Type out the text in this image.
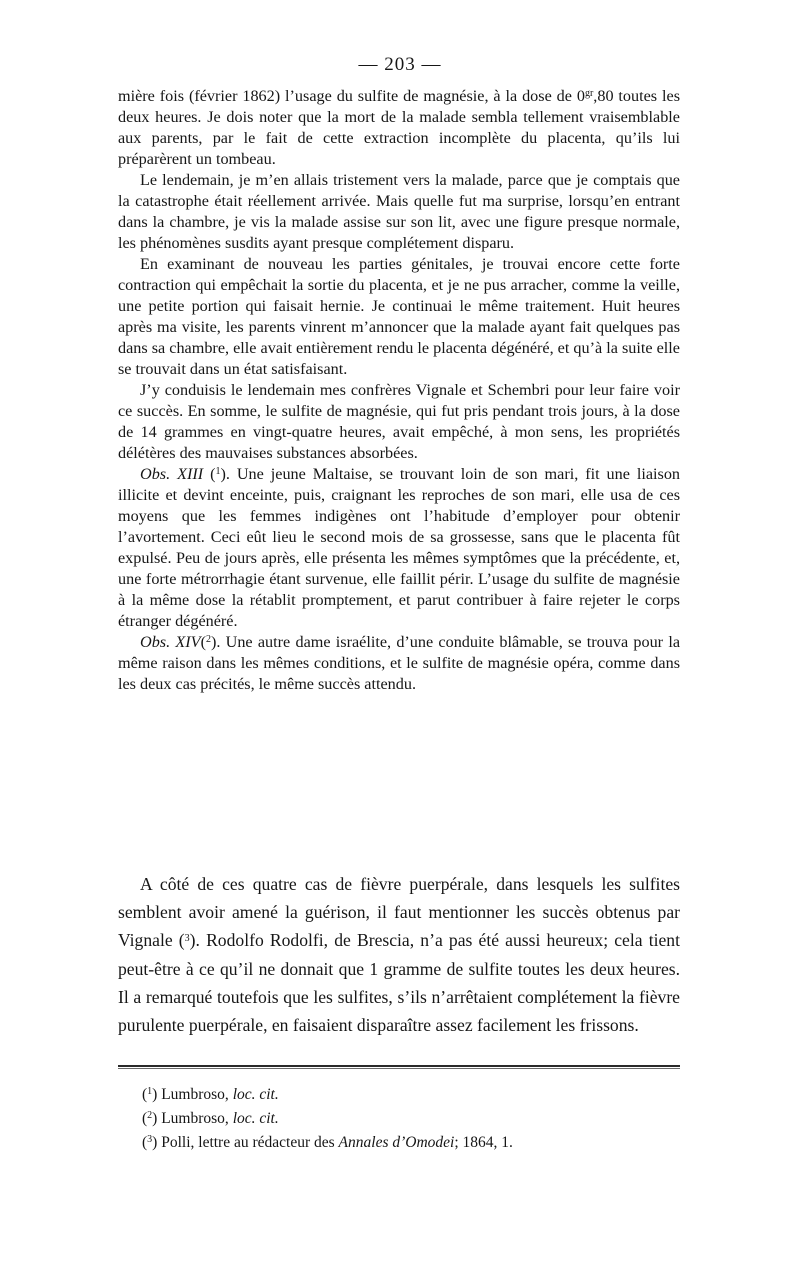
— 203 —

mière fois (février 1862) l’usage du sulfite de magnésie, à la dose de $0^{gr},80$ toutes les deux heures. Je dois noter que la mort de la malade sembla tellement vraisemblable aux parents, par le fait de cette extraction incomplète du placenta, qu’ils lui préparèrent un tombeau.

Le lendemain, je m’en allais tristement vers la malade, parce que je comptais que la catastrophe était réellement arrivée. Mais quelle fut ma surprise, lorsqu’en entrant dans la chambre, je vis la malade assise sur son lit, avec une figure presque normale, les phénomènes susdits ayant presque complétement disparu.

En examinant de nouveau les parties génitales, je trouvai encore cette forte contraction qui empêchait la sortie du placenta, et je ne pus arracher, comme la veille, une petite portion qui faisait hernie. Je continuai le même traitement. Huit heures après ma visite, les parents vinrent m’annoncer que la malade ayant fait quelques pas dans sa chambre, elle avait entièrement rendu le placenta dégénéré, et qu’à la suite elle se trouvait dans un état satisfaisant.

J’y conduisis le lendemain mes confrères Vignale et Schembri pour leur faire voir ce succès. En somme, le sulfite de magnésie, qui fut pris pendant trois jours, à la dose de 14 grammes en vingt-quatre heures, avait empêché, à mon sens, les propriétés délétères des mauvaises substances absorbées.

Obs. XIII ($^1$). Une jeune Maltaise, se trouvant loin de son mari, fit une liaison illicite et devint enceinte, puis, craignant les reproches de son mari, elle usa de ces moyens que les femmes indigènes ont l’habitude d’employer pour obtenir l’avortement. Ceci eût lieu le second mois de sa grossesse, sans que le placenta fût expulsé. Peu de jours après, elle présenta les mêmes symptômes que la précédente, et, une forte métrorrhagie étant survenue, elle faillit périr. L’usage du sulfite de magnésie à la même dose la rétablit promptement, et parut contribuer à faire rejeter le corps étranger dégénéré.

Obs. XIV($^2$). Une autre dame israélite, d’une conduite blâmable, se trouva pour la même raison dans les mêmes conditions, et le sulfite de magnésie opéra, comme dans les deux cas précités, le même succès attendu.

A côté de ces quatre cas de fièvre puerpérale, dans lesquels les sulfites semblent avoir amené la guérison, il faut mentionner les succès obtenus par Vignale ($^3$). Rodolfo Rodolfi, de Brescia, n’a pas été aussi heureux; cela tient peut-être à ce qu’il ne donnait que 1 gramme de sulfite toutes les deux heures. Il a remarqué toutefois que les sulfites, s’ils n’arrêtaient complétement la fièvre purulente puerpérale, en faisaient disparaître assez facilement les frissons.

($^1$) Lumbroso, loc. cit.

($^2$) Lumbroso, loc. cit.

($^3$) Polli, lettre au rédacteur des Annales d’Omodei; 1864, 1.
